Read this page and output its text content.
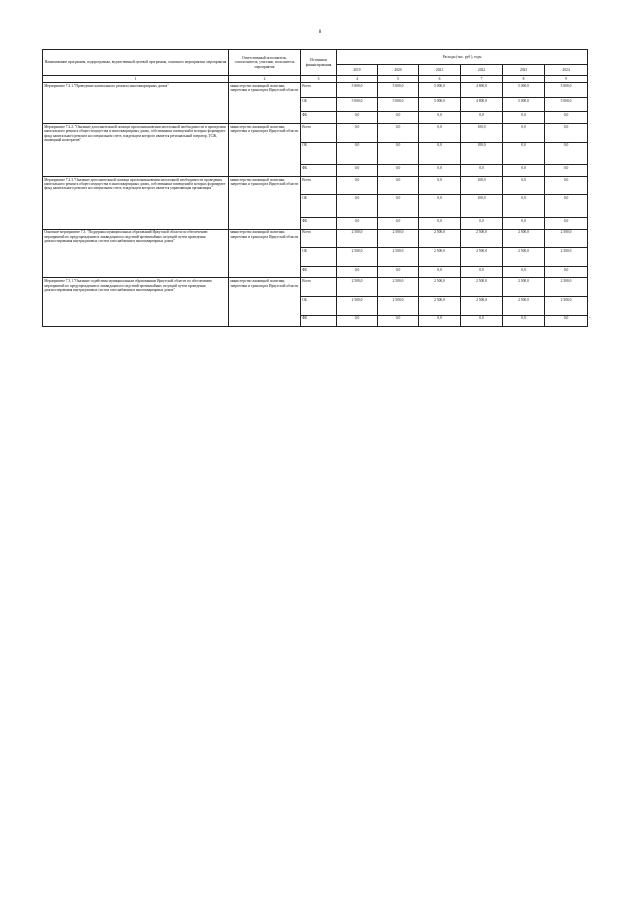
8
Наименование программы, подпрограммы, ведомственной целевой программы, основного мероприятия, мероприятия	Ответственный исполнитель, соисполнитель, участник, исполнитель мероприятия	Источники финансирования	Расходы (тыс. руб.), годы					
			2019	2020	2021	2022	2023	2024
1	2	3	4	5	6	7	8	9
Мероприятие 7.2.1."Проведение капитального ремонта многоквартирных домов"	министерство жилищной политики, энергетики и транспорта Иркутской области	Всего	5 000,0	5 000,0	5 000,0	4 800,0	5 000,0	5 000,0
		ОБ	5 000,0	5 000,0	5 000,0	4 800,0	5 000,0	5 000,0
		ФБ	0,0	0,0	0,0	0,0	0,0	0,0
Мероприятие 7.2.2. "Оказание дополнительной помощи при возникновении неотложной необходимости в проведении капитального ремонта общего имущества в многоквартирных домах, собственники помещений в которых формируют фонд капитального ремонта на специальном счете, владельцем которого является региональный оператор, ТСЖ, жилищный кооператив"	министерство жилищной политики, энергетики и транспорта Иркутской области	Всего	0,0	0,0	0,0	100,0	0,0	0,0
		ОБ	0,0	0,0	0,0	100,0	0,0	0,0
		ФБ	0,0	0,0	0,0	0,0	0,0	0,0
Мероприятие 7.2.3."Оказание дополнительной помощи при возникновении неотложной необходимости проведения капитального ремонта общего имущества в многоквартирных домах, собственники помещений в которых формируют фонд капитального ремонта на специальном счете, владельцем которого является управляющая организация"	министерство жилищной политики, энергетики и транспорта Иркутской области	Всего	0,0	0,0	0,0	100,0	0,0	0,0
		ОБ	0,0	0,0	0,0	100,0	0,0	0,0
		ФБ	0,0	0,0	0,0	0,0	0,0	0,0
Основное мероприятие 7.3. "Поддержка муниципальных образований Иркутской области по обеспечению мероприятий по предупреждению и ликвидации последствий чрезвычайных ситуаций путем проведения диагностирования внутридомовых систем газоснабжения в многоквартирных домах"	министерство жилищной политики, энергетики и транспорта Иркутской области	Всего	2 500,0	2 500,0	2 500,0	2 500,0	2 500,0	2 500,0
		ОБ	2 500,0	2 500,0	2 500,0	2 500,0	2 500,0	2 500,0
		ФБ	0,0	0,0	0,0	0,0	0,0	0,0
Мероприятие 7.3.1."Оказание содействия муниципальным образованиям Иркутской области по обеспечению мероприятий по предупреждению и ликвидации последствий чрезвычайных ситуаций путем проведения диагностирования внутридомовых систем газоснабжения в многоквартирных домах"	министерство жилищной политики, энергетики и транспорта Иркутской области	Всего	2 500,0	2 500,0	2 500,0	2 500,0	2 500,0	2 500,0
		ОБ	2 500,0	2 500,0	2 500,0	2 500,0	2 500,0	2 500,0
		ФБ	0,0	0,0	0,0	0,0	0,0	0,0	".
